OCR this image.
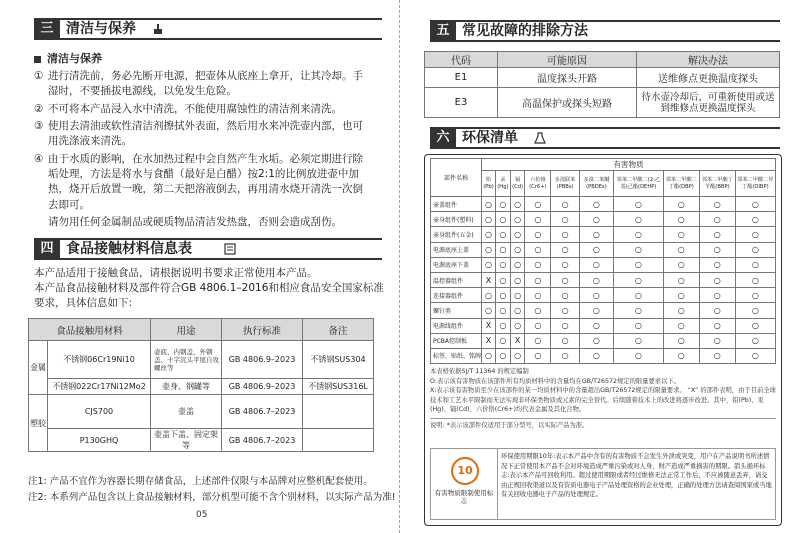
三 清洁与保养
清洁与保养
① 进行清洗前，务必先断开电源，把壶体从底座上拿开，让其冷却。手湿时，不要插拔电源线，以免发生危险。
② 不可将本产品浸入水中清洗，不能使用腐蚀性的清洁剂来清洗。
③ 使用去清油或软性清洁剂擦拭外表面，然后用水来冲洗壶内部，也可用洗涤液来清洗。
④ 由于水质的影响，在水加热过程中会自然产生水垢。必须定期进行除垢处理，方法是将水与食醋（最好是白醋）按2:1的比例放进壶中加热，烧开后放置一晚，第二天把溶液倒去，再用清水烧开清洗一次倒去即可。
请勿用任何金属制品或硬质物品清洁发热盘，否则会造成刮伤。
四 食品接触材料信息表
本产品适用于接触食品，请根据说明书要求正常使用本产品。
本产品食品接触材料及部件符合GB 4806.1–2016和相应食品安全国家标准要求，具体信息如下:
食品接触用材料		用途	执行标准	备注
金属	不锈钢06Cr19Ni10	壶底、内钢盖、外钢盖、十字沉头平尾自攻螺丝等	GB 4806.9–2023	不锈钢SUS304
	不锈钢022Cr17Ni12Mo2	壶身、钢罐等	GB 4806.9–2023	不锈钢SUS316L
塑胶	CJS700	壶盖	GB 4806.7–2023	
	P130GHQ	壶盖下盖、固定架等	GB 4806.7–2023	
注1: 产品不宜作为容器长期存储食品，上述部件仅限与本品牌对应整机配套使用。
注2: 本系列产品包含以上食品接触材料，部分机型可能不含个别材料，以实际产品为准!
05
五 常见故障的排除方法
代码	可能原因	解决办法
E1	温度探头开路	送维修点更换温度探头
E3	高温保护或探头短路	待水壶冷却后，可重新使用或送到维修点更换温度探头
六 环保清单
部件名称	有害物质									
	铅(Pb)	汞(Hg)	镉(Cd)	六价铬(Cr6+)	多溴联苯(PBBs)	多溴二苯醚(PBDEs)	邻苯二甲酸二(2-乙基)己酯(DEHP)	邻苯二甲酸二丁酯(DBP)	邻苯二甲酸丁苄酯(BBP)	邻苯二甲酸二异丁酯(DIBP)
壶盖组件	○	○	○	○	○	○	○	○	○	○
壶身组件(塑料)	○	○	○	○	○	○	○	○	○	○
壶身组件(五金)	○	○	○	○	○	○	○	○	○	○
电源底座上盖	○	○	○	○	○	○	○	○	○	○
电源底座下盖	○	○	○	○	○	○	○	○	○	○
温控器组件	X	○	○	○	○	○	○	○	○	○
连接器组件	○	○	○	○	○	○	○	○	○	○
螺钉类	○	○	○	○	○	○	○	○	○	○
电源线组件	X	○	○	○	○	○	○	○	○	○
PCBA控制板	X	○	X	○	○	○	○	○	○	○
标签、贴纸、铭牌	○	○	○	○	○	○	○	○	○	○
本表格依据SJ/T 11364 的规定编制
O:表示该有害物质在该部件所有均质材料中的含量均在GB/T26572规定的限量要求以下。
X:表示该有害物质至少在该部件的某一均质材料中的含量超出GB/T26572规定的限量要求。 “X” 的部件表明，由于目前全球技术和工艺水平限制而无法实现非环保类物质或元素的完全替代。后续随着技术上的改进将逐步改进。其中，铅(Pb)、汞(Hg)、镉(Cd)、六价铬(Cr6+)均代表金属及其化合物。
说明: *表示该部件仅适用于部分型号，以实际产品为准。
10
有害物质限制使用标志
环保使用期限10年:表示本产品中含有的有害物质不会发生外泄或突变，用户在产品说明书所述情况下正常使用本产品不会对环境造成严重污染或对人身、财产造成严重损害的期限。箭头循环标志:表示本产品可回收利用。超过使用期限或者经过维修无法正常工作后，不应被随意丢弃，请交由正规回收渠道以及有资质电器电子产品处理资格的企业处理，正确的处理方法请查阅国家或当地有关回收电器电子产品的处理规定。
